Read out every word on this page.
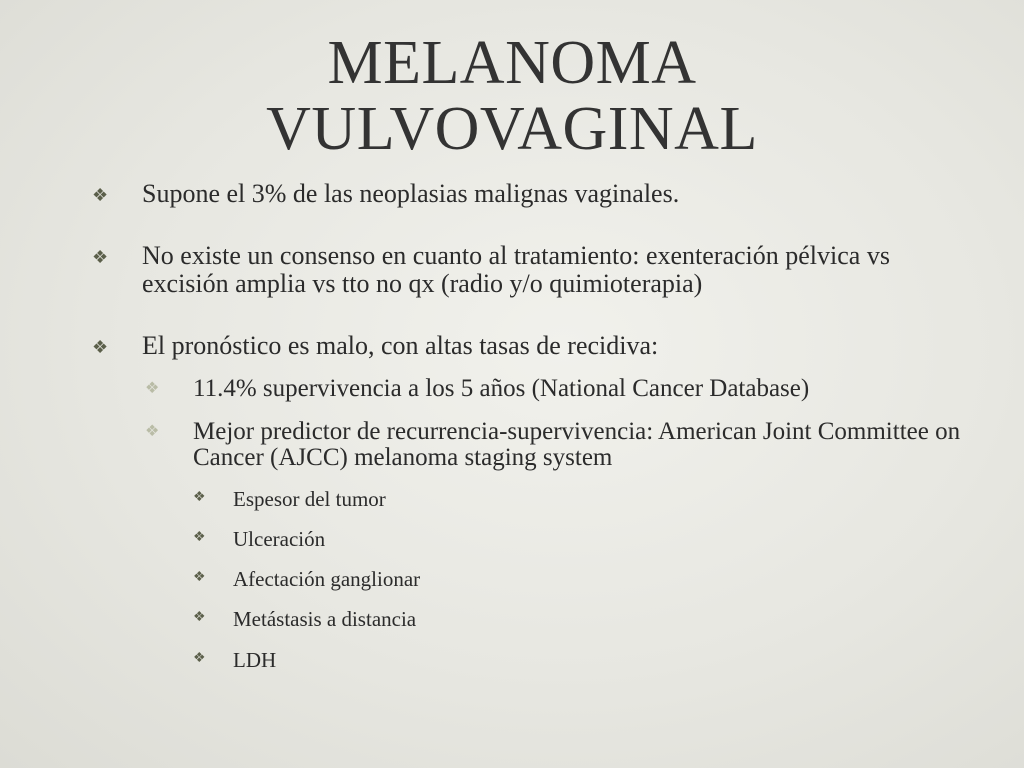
MELANOMA
VULVOVAGINAL
❖	Supone el 3% de las neoplasias malignas vaginales.
❖	No existe un consenso en cuanto al tratamiento: exenteración pélvica vs excisión amplia vs tto no qx (radio y/o quimioterapia)
❖	El pronóstico es malo, con altas tasas de recidiva:
❖	11.4% supervivencia a los 5 años (National Cancer Database)
❖	Mejor predictor de recurrencia-supervivencia: American Joint Committee on Cancer (AJCC) melanoma staging system
❖	Espesor del tumor
❖	Ulceración
❖	Afectación ganglionar
❖	Metástasis a distancia
❖	LDH
